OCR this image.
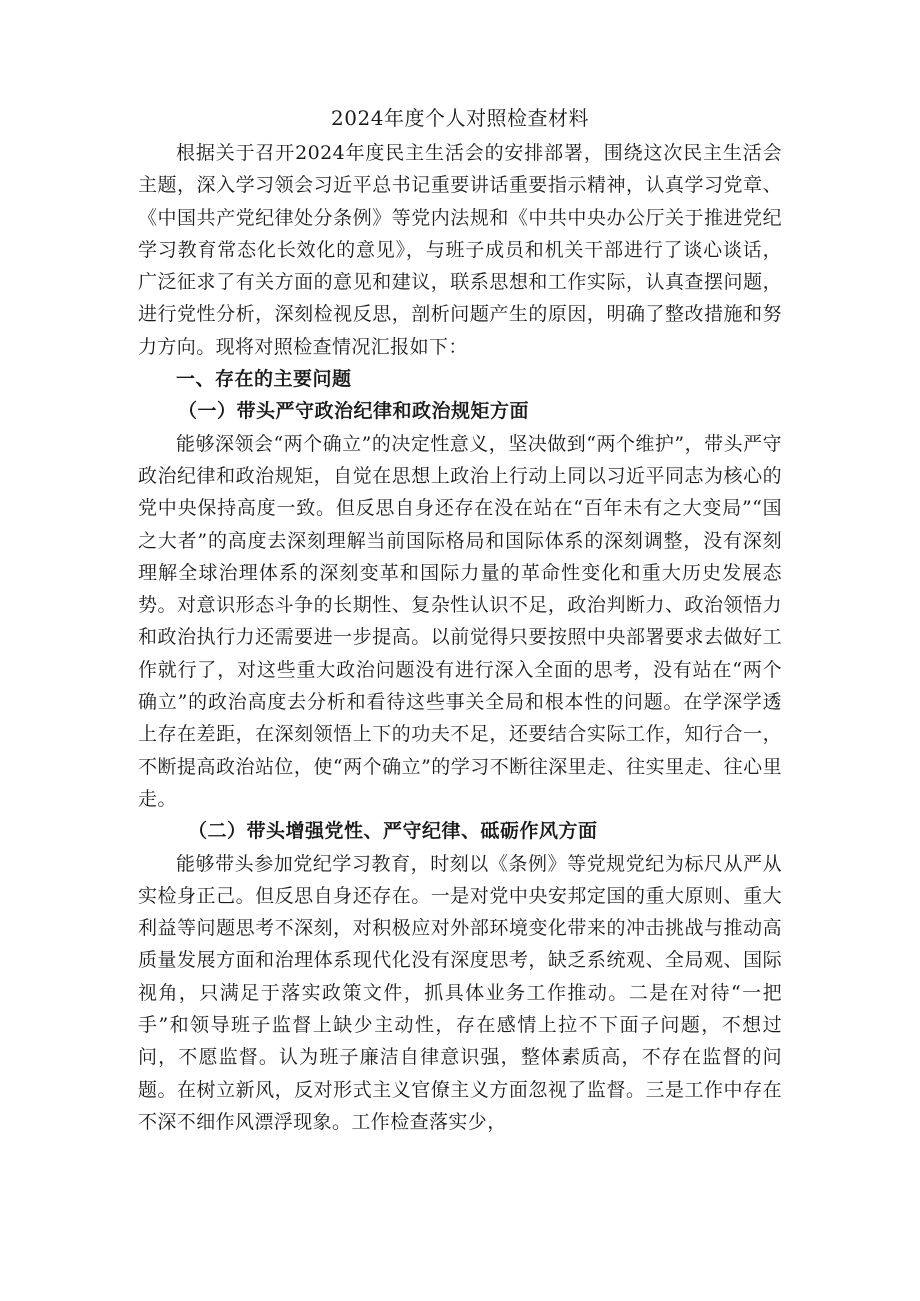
2024年度个人对照检查材料

根据关于召开2024年度民主生活会的安排部署，围绕这次民主生活会主题，深入学习领会习近平总书记重要讲话重要指示精神，认真学习党章、《中国共产党纪律处分条例》等党内法规和《中共中央办公厅关于推进党纪学习教育常态化长效化的意见》，与班子成员和机关干部进行了谈心谈话，广泛征求了有关方面的意见和建议，联系思想和工作实际，认真查摆问题，进行党性分析，深刻检视反思，剖析问题产生的原因，明确了整改措施和努力方向。现将对照检查情况汇报如下：

一、存在的主要问题

（一）带头严守政治纪律和政治规矩方面

能够深领会“两个确立”的决定性意义，坚决做到“两个维护”，带头严守政治纪律和政治规矩，自觉在思想上政治上行动上同以习近平同志为核心的党中央保持高度一致。但反思自身还存在没在站在“百年未有之大变局”“国之大者”的高度去深刻理解当前国际格局和国际体系的深刻调整，没有深刻理解全球治理体系的深刻变革和国际力量的革命性变化和重大历史发展态势。对意识形态斗争的长期性、复杂性认识不足，政治判断力、政治领悟力和政治执行力还需要进一步提高。以前觉得只要按照中央部署要求去做好工作就行了，对这些重大政治问题没有进行深入全面的思考，没有站在“两个确立”的政治高度去分析和看待这些事关全局和根本性的问题。在学深学透上存在差距，在深刻领悟上下的功夫不足，还要结合实际工作，知行合一，不断提高政治站位，使“两个确立”的学习不断往深里走、往实里走、往心里走。

（二）带头增强党性、严守纪律、砥砺作风方面

能够带头参加党纪学习教育，时刻以《条例》等党规党纪为标尺从严从实检身正己。但反思自身还存在。一是对党中央安邦定国的重大原则、重大利益等问题思考不深刻，对积极应对外部环境变化带来的冲击挑战与推动高质量发展方面和治理体系现代化没有深度思考，缺乏系统观、全局观、国际视角，只满足于落实政策文件，抓具体业务工作推动。二是在对待“一把手”和领导班子监督上缺少主动性，存在感情上拉不下面子问题，不想过问，不愿监督。认为班子廉洁自律意识强，整体素质高，不存在监督的问题。在树立新风，反对形式主义官僚主义方面忽视了监督。三是工作中存在不深不细作风漂浮现象。工作检查落实少，
